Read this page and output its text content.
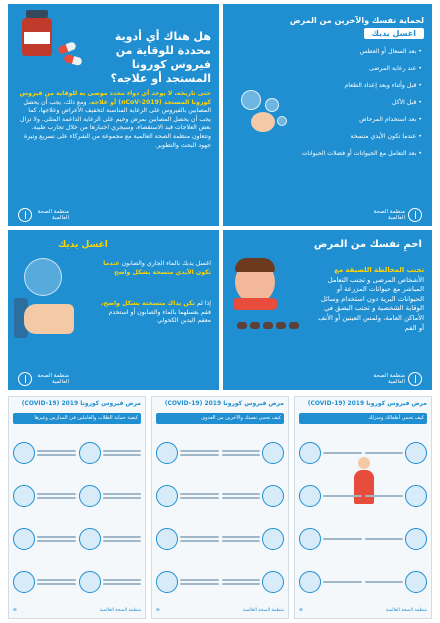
هل هناك أي أدوية محددة للوقاية من فيروس كورونا المستجد أو علاجه؟
حتى تاريخه، لا يوجد أي دواء محدد موصى به للوقاية من فيروس كورونا المستجد (2019-nCoV) أو علاجه. ومع ذلك، يجب أن يحصل المصابين بالفيروس على الرعاية المناسبة لتخفيف الأعراض وعلاجها، كما يجب أن يحصل المصابين بمرض وخيم على الرعاية الداعمة المثلى. ولا تزال بعض العلاجات قيد الاستقصاء، وسيجري اختبارها من خلال تجارب طبية. وتتعاون منظمة الصحة العالمية مع مجموعة من الشركاء على تسريع وتيرة جهود البحث والتطوير.
منظمة الصحة العالمية
لحماية نفسك والآخرين من المرض
اغسل يديك
• بعد السعال أو العطس
• عند رعاية المرضى
• قبل وأثناء وبعد إعداد الطعام
• قبل الأكل
• بعد استخدام المرحاض
• عندما تكون الأيدي متسخة
• بعد التعامل مع الحيوانات أو فضلات الحيوانات
منظمة الصحة العالمية
اغسل يديك
اغسل يديك بالماء الجاري والصابون عندما تكون الأيدي متسخة بشكل واضح
إذا لم تكن يداك متسختة بشكل واضح، فقم بغسلهما بالماء والصابون أو استخدم معقم اليدين الكحولي
منظمة الصحة العالمية
احمِ نفسك من المرض
تجنب المخالطة اللصيقة مع الأشخاص المرضى و تجنب التعامل المباشر مع حيوانات المزرعة أو الحيوانات البرية دون استخدام وسائل الوقاية الشخصية و تجنب البصق في الأماكن العامة، ولمس العينين أو الأنف أو الفم
منظمة الصحة العالمية
مرض فيروس كورونا 2019 (COVID-19)
كيفية حماية الطلاب والعاملين في المدارس وغيرها
⊕	منظمة الصحة العالمية
مرض فيروس كورونا 2019 (COVID-19)
كيف تحمي نفسك والآخرين من العدوى
⊕	منظمة الصحة العالمية
مرض فيروس كورونا 2019 (COVID-19)
كيف تحمي أطفالك ومنزلك
⊕	منظمة الصحة العالمية
